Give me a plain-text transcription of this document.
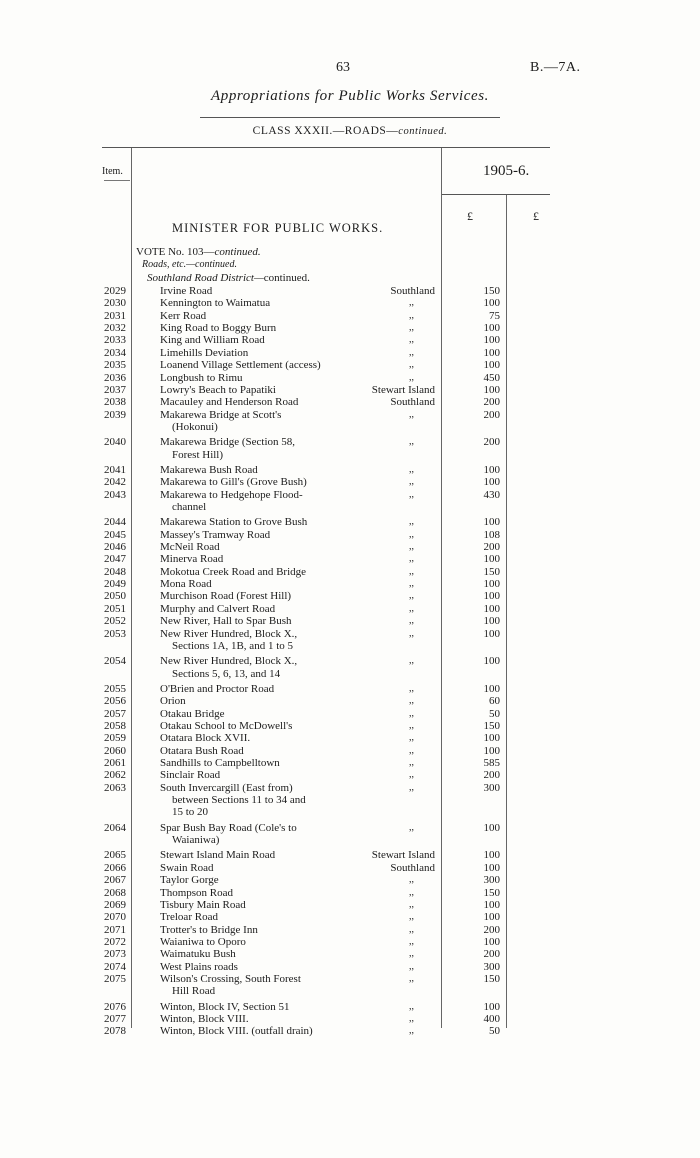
63	B.—7A.
Appropriations for Public Works Services.
CLASS XXXII.—ROADS—continued.
Item.	1905-6.
£	£
MINISTER FOR PUBLIC WORKS.
VOTE No. 103—continued.
Roads, etc.—continued.
Southland Road District—continued.
2029	Irvine Road	Southland	150
2030	Kennington to Waimatua	,,	100
2031	Kerr Road	,,	75
2032	King Road to Boggy Burn	,,	100
2033	King and William Road	,,	100
2034	Limehills Deviation	,,	100
2035	Loanend Village Settlement (access)	,,	100
2036	Longbush to Rimu	,,	450
2037	Lowry's Beach to Papatiki	Stewart Island	100
2038	Macauley and Henderson Road	Southland	200
2039	Makarewa Bridge at Scott's	,,	200
(Hokonui)
2040	Makarewa Bridge (Section 58,	,,	200
Forest Hill)
2041	Makarewa Bush Road	,,	100
2042	Makarewa to Gill's (Grove Bush)	,,	100
2043	Makarewa to Hedgehope Flood-	,,	430
channel
2044	Makarewa Station to Grove Bush	,,	100
2045	Massey's Tramway Road	,,	108
2046	McNeil Road	,,	200
2047	Minerva Road	,,	100
2048	Mokotua Creek Road and Bridge	,,	150
2049	Mona Road	,,	100
2050	Murchison Road (Forest Hill)	,,	100
2051	Murphy and Calvert Road	,,	100
2052	New River, Hall to Spar Bush	,,	100
2053	New River Hundred, Block X.,	,,	100
Sections 1A, 1B, and 1 to 5
2054	New River Hundred, Block X.,	,,	100
Sections 5, 6, 13, and 14
2055	O'Brien and Proctor Road	,,	100
2056	Orion	,,	60
2057	Otakau Bridge	,,	50
2058	Otakau School to McDowell's	,,	150
2059	Otatara Block XVII.	,,	100
2060	Otatara Bush Road	,,	100
2061	Sandhills to Campbelltown	,,	585
2062	Sinclair Road	,,	200
2063	South Invercargill (East from)	,,	300
between Sections 11 to 34 and
15 to 20
2064	Spar Bush Bay Road (Cole's to	,,	100
Waianiwa)
2065	Stewart Island Main Road	Stewart Island	100
2066	Swain Road	Southland	100
2067	Taylor Gorge	,,	300
2068	Thompson Road	,,	150
2069	Tisbury Main Road	,,	100
2070	Treloar Road	,,	100
2071	Trotter's to Bridge Inn	,,	200
2072	Waianiwa to Oporo	,,	100
2073	Waimatuku Bush	,,	200
2074	West Plains roads	,,	300
2075	Wilson's Crossing, South Forest	,,	150
Hill Road
2076	Winton, Block IV, Section 51	,,	100
2077	Winton, Block VIII.	,,	400
2078	Winton, Block VIII. (outfall drain)	,,	50
